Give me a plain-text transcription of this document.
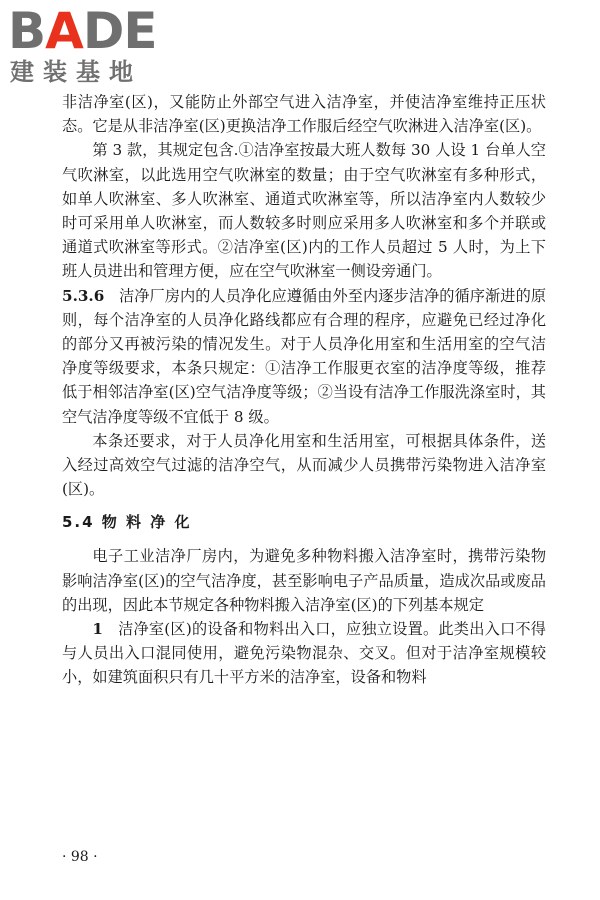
BADE
建装基地

非洁净室(区)，又能防止外部空气进入洁净室，并使洁净室维持正压状态。它是从非洁净室(区)更换洁净工作服后经空气吹淋进入洁净室(区)。

第 3 款，其规定包含.①洁净室按最大班人数每 30 人设 1 台单人空气吹淋室，以此选用空气吹淋室的数量；由于空气吹淋室有多种形式，如单人吹淋室、多人吹淋室、通道式吹淋室等，所以洁净室内人数较少时可采用单人吹淋室，而人数较多时则应采用多人吹淋室和多个并联或通道式吹淋室等形式。②洁净室(区)内的工作人员超过 5 人时，为上下班人员进出和管理方便，应在空气吹淋室一侧设旁通门。

5.3.6 洁净厂房内的人员净化应遵循由外至内逐步洁净的循序渐进的原则，每个洁净室的人员净化路线都应有合理的程序，应避免已经过净化的部分又再被污染的情况发生。对于人员净化用室和生活用室的空气洁净度等级要求，本条只规定：①洁净工作服更衣室的洁净度等级，推荐低于相邻洁净室(区)空气洁净度等级；②当设有洁净工作服洗涤室时，其空气洁净度等级不宜低于 8 级。

本条还要求，对于人员净化用室和生活用室，可根据具体条件，送入经过高效空气过滤的洁净空气，从而减少人员携带污染物进入洁净室(区)。

5.4 物 料 净 化

电子工业洁净厂房内，为避免多种物料搬入洁净室时，携带污染物影响洁净室(区)的空气洁净度，甚至影响电子产品质量，造成次品或废品的出现，因此本节规定各种物料搬入洁净室(区)的下列基本规定

1 洁净室(区)的设备和物料出入口，应独立设置。此类出入口不得与人员出入口混同使用，避免污染物混杂、交叉。但对于洁净室规模较小，如建筑面积只有几十平方米的洁净室，设备和物料

· 98 ·
